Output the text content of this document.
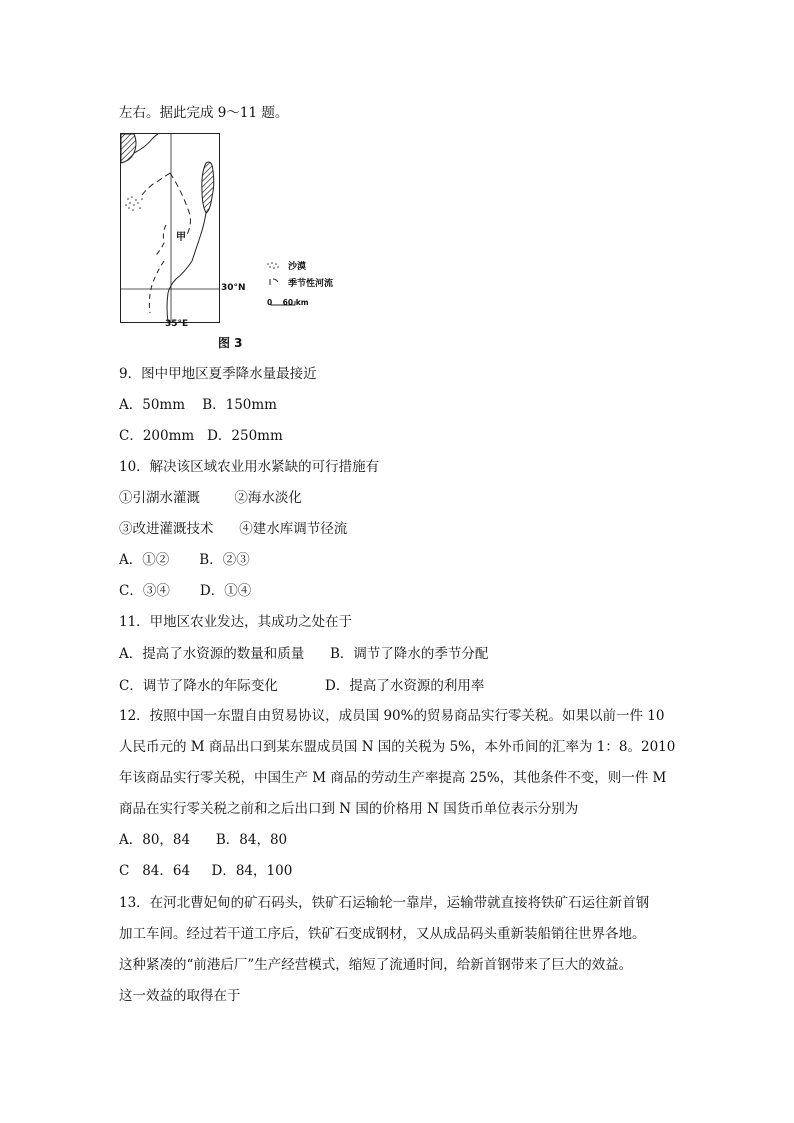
左右。据此完成 9～11 题。
甲
30°N
35°E
沙漠
季节性河流
0    60 km
图 3
9．图中甲地区夏季降水量最接近
A．50mm    B．150mm
C．200mm   D．250mm
10．解决该区域农业用水紧缺的可行措施有
①引湖水灌溉        ②海水淡化
③改进灌溉技术      ④建水库调节径流
A．①②       B．②③
C．③④       D．①④
11．甲地区农业发达，其成功之处在于
A．提高了水资源的数量和质量      B．调节了降水的季节分配
C．调节了降水的年际变化           D．提高了水资源的利用率
12．按照中国一东盟自由贸易协议，成员国 90%的贸易商品实行零关税。如果以前一件 10
人民币元的 M 商品出口到某东盟成员国 N 国的关税为 5%，本外币间的汇率为 1：8。2010
年该商品实行零关税，中国生产 M 商品的劳动生产率提高 25%，其他条件不变，则一件 M
商品在实行零关税之前和之后出口到 N 国的价格用 N 国货币单位表示分别为
A．80，84      B．84，80
C   84．64     D．84，100
13．在河北曹妃甸的矿石码头，铁矿石运输轮一靠岸，运输带就直接将铁矿石运往新首钢
加工车间。经过若干道工序后，铁矿石变成钢材，又从成品码头重新装船销往世界各地。
这种紧凑的“前港后厂”生产经营模式，缩短了流通时间，给新首钢带来了巨大的效益。
这一效益的取得在于
